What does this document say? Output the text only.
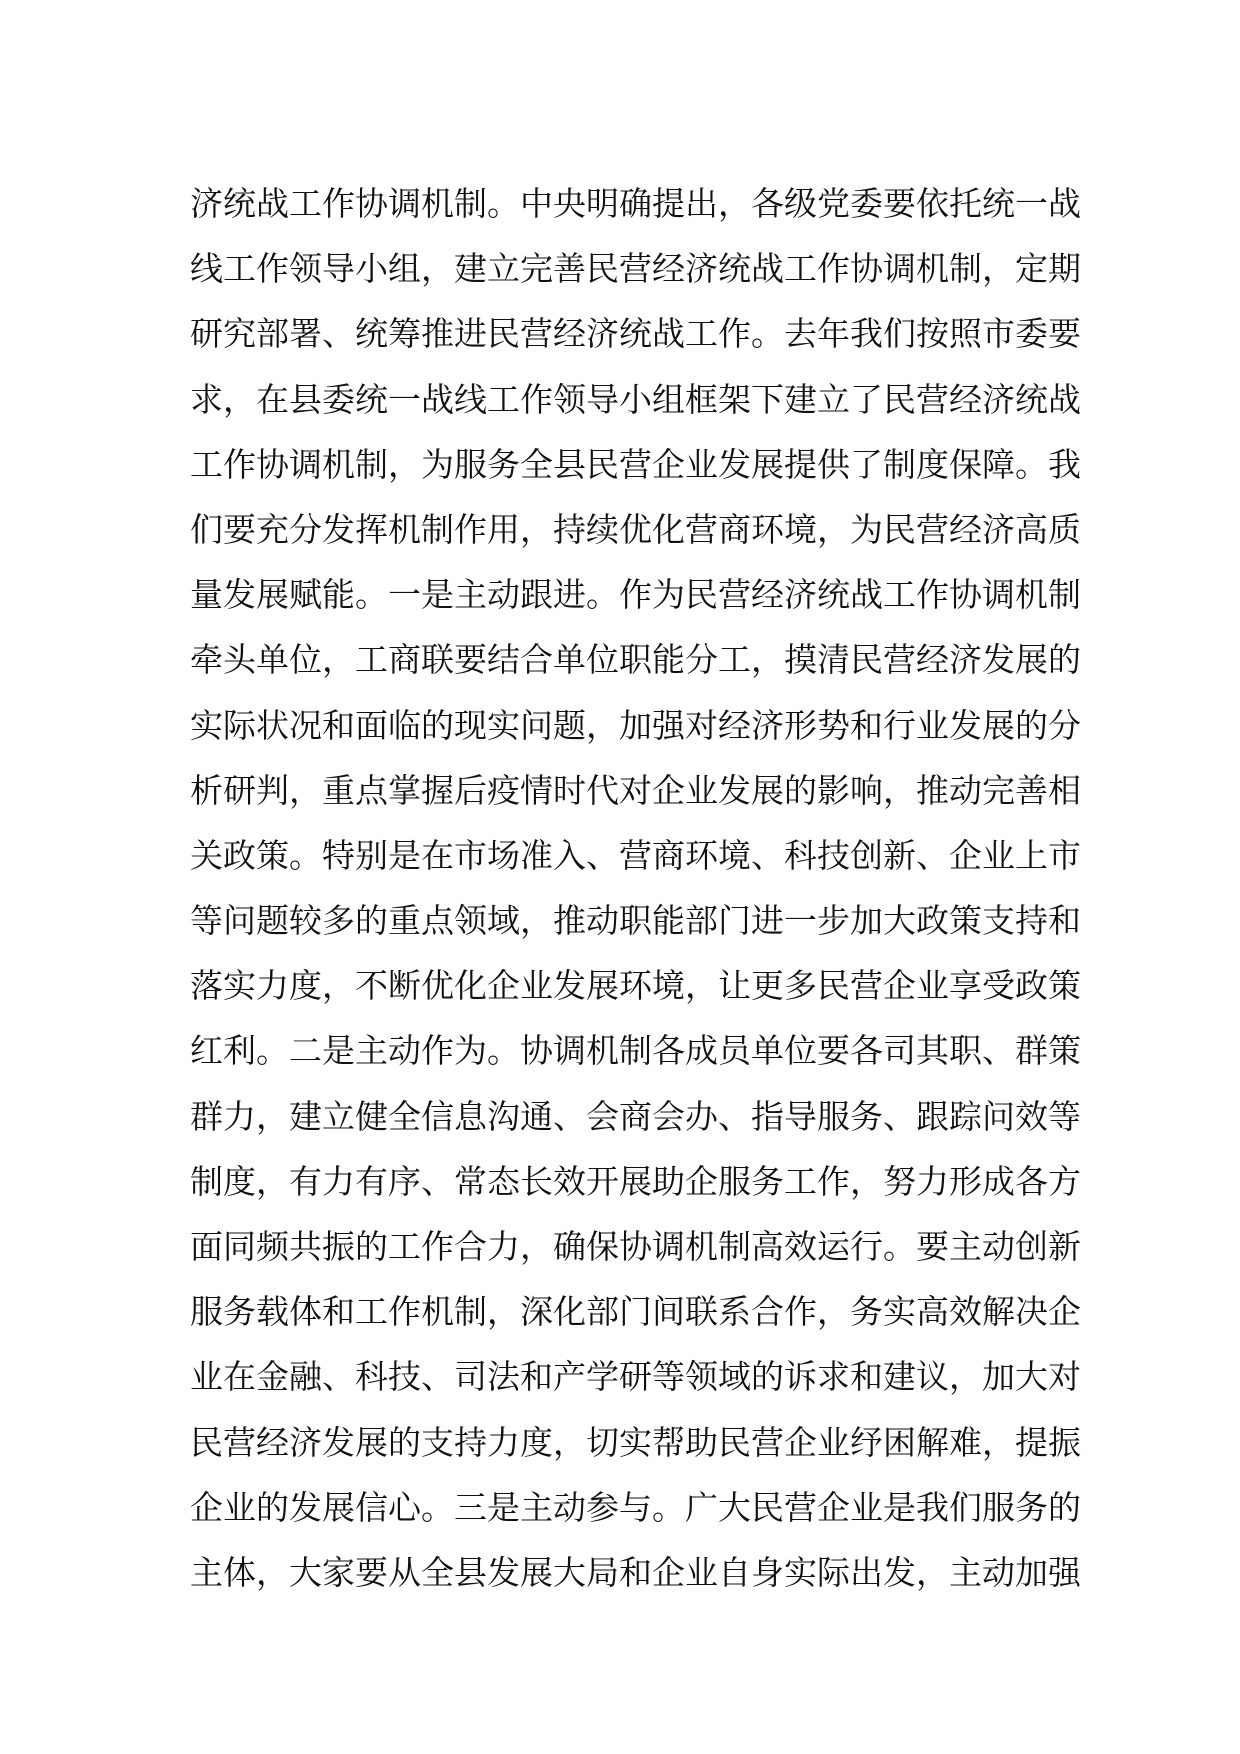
济统战工作协调机制。中央明确提出，各级党委要依托统一战
线工作领导小组，建立完善民营经济统战工作协调机制，定期
研究部署、统筹推进民营经济统战工作。去年我们按照市委要
求，在县委统一战线工作领导小组框架下建立了民营经济统战
工作协调机制，为服务全县民营企业发展提供了制度保障。我
们要充分发挥机制作用，持续优化营商环境，为民营经济高质
量发展赋能。一是主动跟进。作为民营经济统战工作协调机制
牵头单位，工商联要结合单位职能分工，摸清民营经济发展的
实际状况和面临的现实问题，加强对经济形势和行业发展的分
析研判，重点掌握后疫情时代对企业发展的影响，推动完善相
关政策。特别是在市场准入、营商环境、科技创新、企业上市
等问题较多的重点领域，推动职能部门进一步加大政策支持和
落实力度，不断优化企业发展环境，让更多民营企业享受政策
红利。二是主动作为。协调机制各成员单位要各司其职、群策
群力，建立健全信息沟通、会商会办、指导服务、跟踪问效等
制度，有力有序、常态长效开展助企服务工作，努力形成各方
面同频共振的工作合力，确保协调机制高效运行。要主动创新
服务载体和工作机制，深化部门间联系合作，务实高效解决企
业在金融、科技、司法和产学研等领域的诉求和建议，加大对
民营经济发展的支持力度，切实帮助民营企业纾困解难，提振
企业的发展信心。三是主动参与。广大民营企业是我们服务的
主体，大家要从全县发展大局和企业自身实际出发，主动加强
